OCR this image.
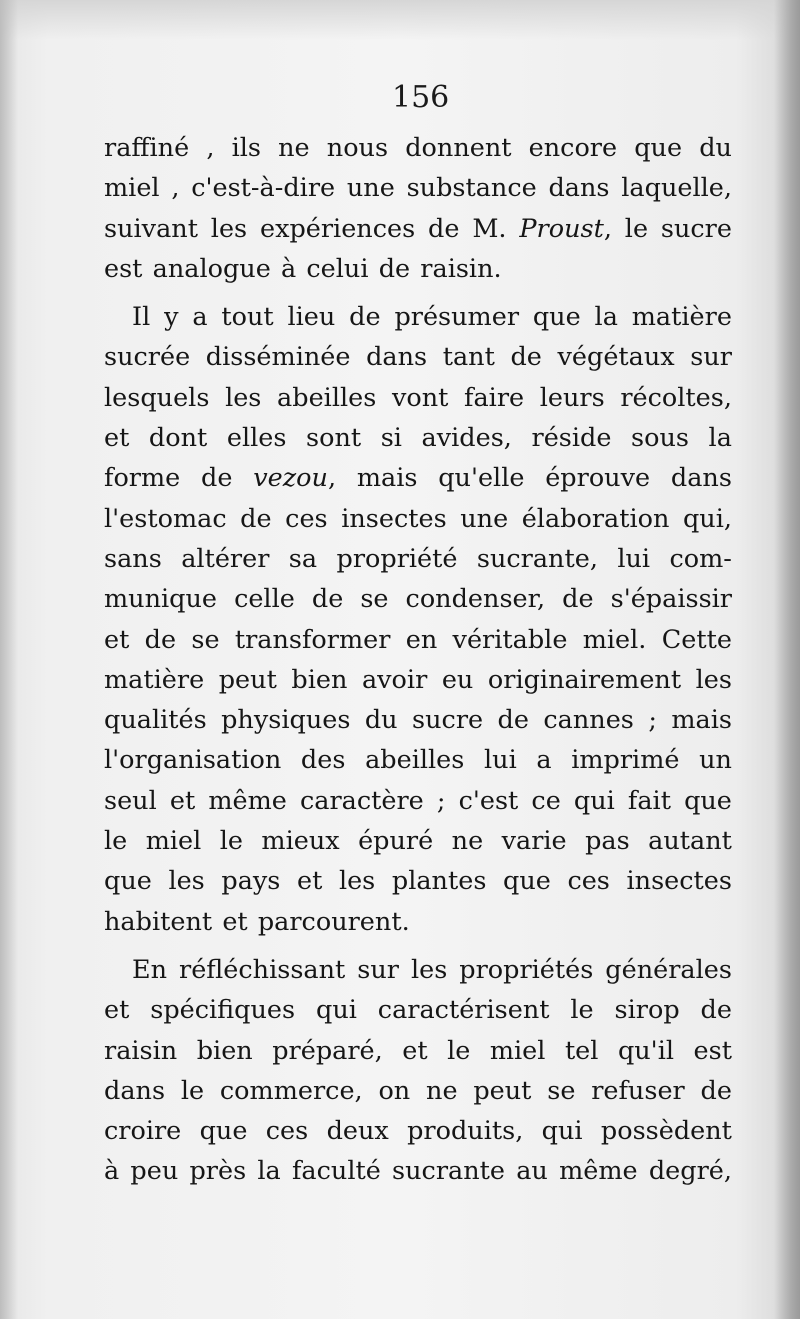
156
raffiné , ils ne nous donnent encore que du
miel , c'est-à-dire une substance dans laquelle,
suivant les expériences de M. Proust, le sucre
est analogue à celui de raisin.
Il y a tout lieu de présumer que la matière
sucrée disséminée dans tant de végétaux sur
lesquels les abeilles vont faire leurs récoltes,
et dont elles sont si avides, réside sous la
forme de vezou, mais qu'elle éprouve dans
l'estomac de ces insectes une élaboration qui,
sans altérer sa propriété sucrante, lui com-
munique celle de se condenser, de s'épaissir
et de se transformer en véritable miel. Cette
matière peut bien avoir eu originairement les
qualités physiques du sucre de cannes ; mais
l'organisation des abeilles lui a imprimé un
seul et même caractère ; c'est ce qui fait que
le miel le mieux épuré ne varie pas autant
que les pays et les plantes que ces insectes
habitent et parcourent.
En réfléchissant sur les propriétés générales
et spécifiques qui caractérisent le sirop de
raisin bien préparé, et le miel tel qu'il est
dans le commerce, on ne peut se refuser de
croire que ces deux produits, qui possèdent
à peu près la faculté sucrante au même degré,
